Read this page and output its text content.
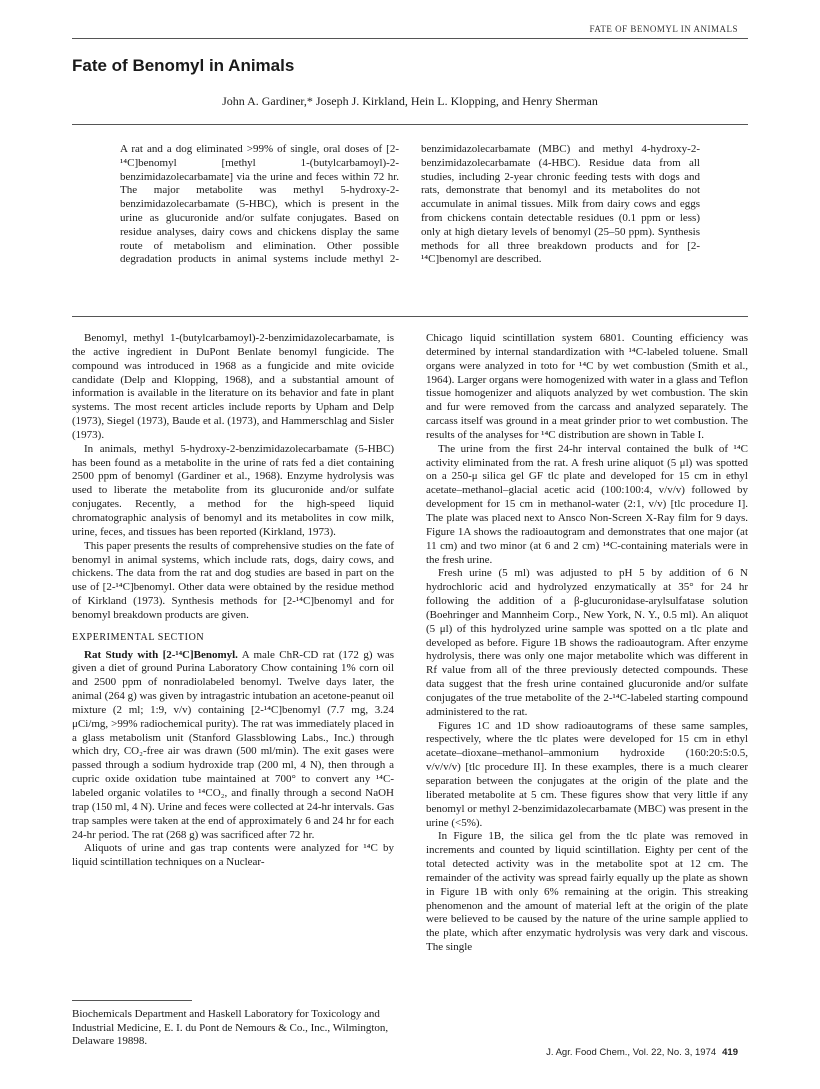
FATE OF BENOMYL IN ANIMALS
Fate of Benomyl in Animals
John A. Gardiner,* Joseph J. Kirkland, Hein L. Klopping, and Henry Sherman

A rat and a dog eliminated >99% of single, oral doses of [2-¹⁴C]benomyl [methyl 1-(butylcarbamoyl)-2-benzimidazolecarbamate] via the urine and feces within 72 hr. The major metabolite was methyl 5-hydroxy-2-benzimidazolecarbamate (5-HBC), which is present in the urine as glucuronide and/or sulfate conjugates. Based on residue analyses, dairy cows and chickens display the same route of metabolism and elimination. Other possible degradation products in animal systems include methyl 2-benzimidazolecarbamate (MBC) and methyl 4-hydroxy-2-benzimidazolecarbamate (4-HBC). Residue data from all studies, including 2-year chronic feeding tests with dogs and rats, demonstrate that benomyl and its metabolites do not accumulate in animal tissues. Milk from dairy cows and eggs from chickens contain detectable residues (0.1 ppm or less) only at high dietary levels of benomyl (25–50 ppm). Synthesis methods for all three breakdown products and for [2-¹⁴C]benomyl are described.

Benomyl, methyl 1-(butylcarbamoyl)-2-benzimidazolecarbamate, is the active ingredient in DuPont Benlate benomyl fungicide. The compound was introduced in 1968 as a fungicide and mite ovicide candidate (Delp and Klopping, 1968), and a substantial amount of information is available in the literature on its behavior and fate in plant systems. The most recent articles include reports by Upham and Delp (1973), Siegel (1973), Baude et al. (1973), and Hammerschlag and Sisler (1973).

In animals, methyl 5-hydroxy-2-benzimidazolecarbamate (5-HBC) has been found as a metabolite in the urine of rats fed a diet containing 2500 ppm of benomyl (Gardiner et al., 1968). Enzyme hydrolysis was used to liberate the metabolite from its glucuronide and/or sulfate conjugates. Recently, a method for the high-speed liquid chromatographic analysis of benomyl and its metabolites in cow milk, urine, feces, and tissues has been reported (Kirkland, 1973).

This paper presents the results of comprehensive studies on the fate of benomyl in animal systems, which include rats, dogs, dairy cows, and chickens. The data from the rat and dog studies are based in part on the use of [2-¹⁴C]benomyl. Other data were obtained by the residue method of Kirkland (1973). Synthesis methods for [2-¹⁴C]benomyl and for benomyl breakdown products are given.

EXPERIMENTAL SECTION

Rat Study with [2-¹⁴C]Benomyl. A male ChR-CD rat (172 g) was given a diet of ground Purina Laboratory Chow containing 1% corn oil and 2500 ppm of nonradiolabeled benomyl. Twelve days later, the animal (264 g) was given by intragastric intubation an acetone-peanut oil mixture (2 ml; 1:9, v/v) containing [2-¹⁴C]benomyl (7.7 mg, 3.24 μCi/mg, >99% radiochemical purity). The rat was immediately placed in a glass metabolism unit (Stanford Glassblowing Labs., Inc.) through which dry, CO₂-free air was drawn (500 ml/min). The exit gases were passed through a sodium hydroxide trap (200 ml, 4 N), then through a cupric oxide oxidation tube maintained at 700° to convert any ¹⁴C-labeled organic volatiles to ¹⁴CO₂, and finally through a second NaOH trap (150 ml, 4 N). Urine and feces were collected at 24-hr intervals. Gas trap samples were taken at the end of approximately 6 and 24 hr for each 24-hr period. The rat (268 g) was sacrificed after 72 hr.

Aliquots of urine and gas trap contents were analyzed for ¹⁴C by liquid scintillation techniques on a Nuclear-

Chicago liquid scintillation system 6801. Counting efficiency was determined by internal standardization with ¹⁴C-labeled toluene. Small organs were analyzed in toto for ¹⁴C by wet combustion (Smith et al., 1964). Larger organs were homogenized with water in a glass and Teflon tissue homogenizer and aliquots analyzed by wet combustion. The skin and fur were removed from the carcass and analyzed separately. The carcass itself was ground in a meat grinder prior to wet combustion. The results of the analyses for ¹⁴C distribution are shown in Table I.

The urine from the first 24-hr interval contained the bulk of ¹⁴C activity eliminated from the rat. A fresh urine aliquot (5 μl) was spotted on a 250-μ silica gel GF tlc plate and developed for 15 cm in ethyl acetate–methanol–glacial acetic acid (100:100:4, v/v/v) followed by development for 15 cm in methanol-water (2:1, v/v) [tlc procedure I]. The plate was placed next to Ansco Non-Screen X-Ray film for 9 days. Figure 1A shows the radioautogram and demonstrates that one major (at 11 cm) and two minor (at 6 and 2 cm) ¹⁴C-containing materials were in the fresh urine.

Fresh urine (5 ml) was adjusted to pH 5 by addition of 6 N hydrochloric acid and hydrolyzed enzymatically at 35° for 24 hr following the addition of a β-glucuronidase-arylsulfatase solution (Boehringer and Mannheim Corp., New York, N. Y., 0.5 ml). An aliquot (5 μl) of this hydrolyzed urine sample was spotted on a tlc plate and developed as before. Figure 1B shows the radioautogram. After enzyme hydrolysis, there was only one major metabolite which was different in Rf value from all of the three previously detected compounds. These data suggest that the fresh urine contained glucuronide and/or sulfate conjugates of the true metabolite of the 2-¹⁴C-labeled starting compound administered to the rat.

Figures 1C and 1D show radioautograms of these same samples, respectively, where the tlc plates were developed for 15 cm in ethyl acetate–dioxane–methanol–ammonium hydroxide (160:20:5:0.5, v/v/v/v) [tlc procedure II]. In these examples, there is a much clearer separation between the conjugates at the origin of the plate and the liberated metabolite at 5 cm. These figures show that very little if any benomyl or methyl 2-benzimidazolecarbamate (MBC) was present in the urine (<5%).

In Figure 1B, the silica gel from the tlc plate was removed in increments and counted by liquid scintillation. Eighty per cent of the total detected activity was in the metabolite spot at 12 cm. The remainder of the activity was spread fairly equally up the plate as shown in Figure 1B with only 6% remaining at the origin. This streaking phenomenon and the amount of material left at the origin of the plate were believed to be caused by the nature of the urine sample applied to the plate, which after enzymatic hydrolysis was very dark and viscous. The single

Biochemicals Department and Haskell Laboratory for Toxicology and Industrial Medicine, E. I. du Pont de Nemours & Co., Inc., Wilmington, Delaware 19898.
J. Agr. Food Chem., Vol. 22, No. 3, 1974 419
